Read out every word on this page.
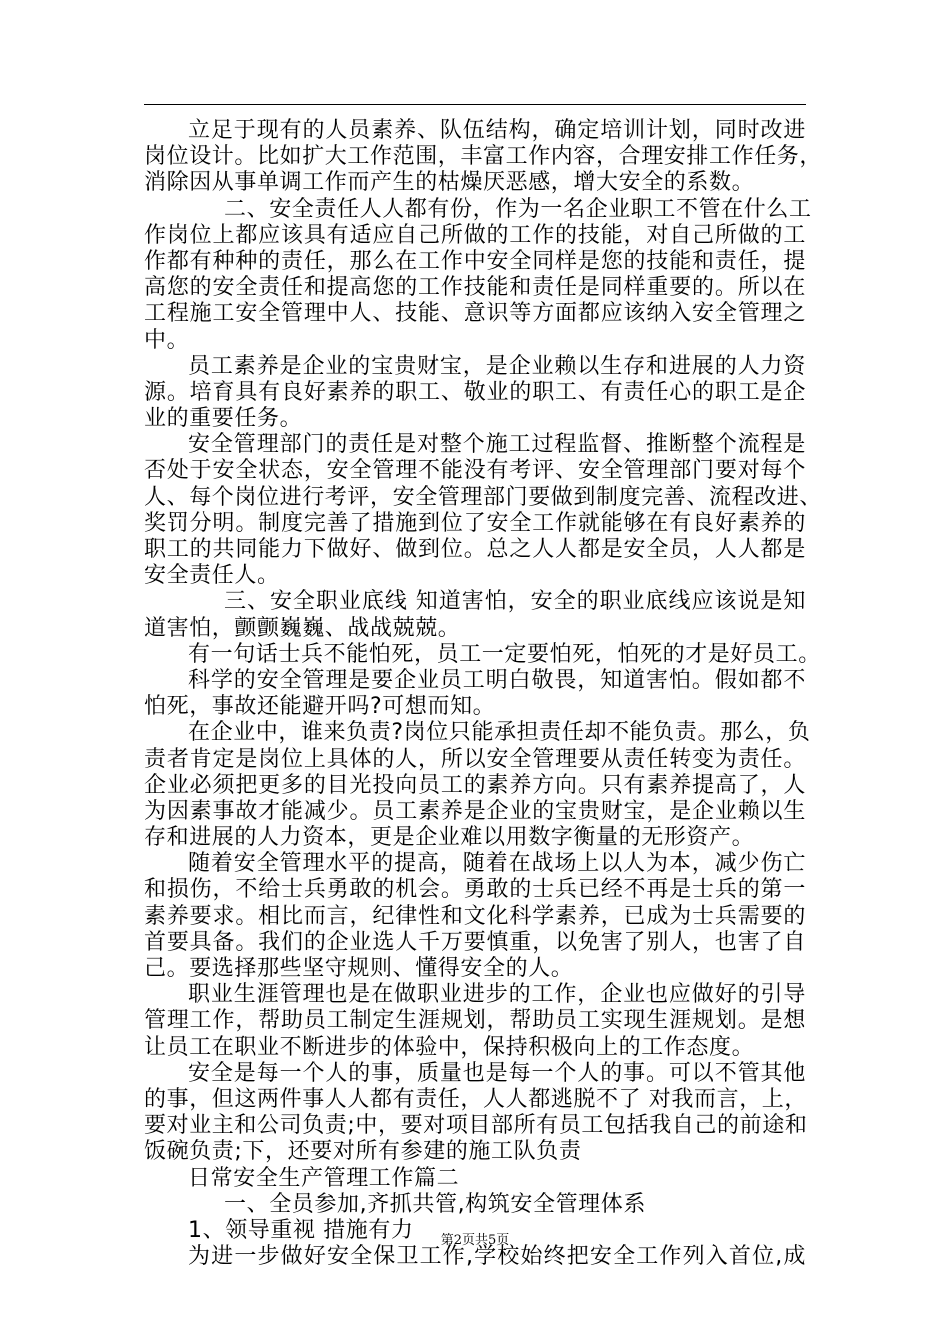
立足于现有的人员素养、队伍结构，确定培训计划，同时改进
岗位设计。比如扩大工作范围，丰富工作内容，合理安排工作任务，
消除因从事单调工作而产生的枯燥厌恶感，增大安全的系数。
二、安全责任人人都有份，作为一名企业职工不管在什么工
作岗位上都应该具有适应自己所做的工作的技能，对自己所做的工
作都有种种的责任，那么在工作中安全同样是您的技能和责任，提
高您的安全责任和提高您的工作技能和责任是同样重要的。所以在
工程施工安全管理中人、技能、意识等方面都应该纳入安全管理之
中。
员工素养是企业的宝贵财宝，是企业赖以生存和进展的人力资
源。培育具有良好素养的职工、敬业的职工、有责任心的职工是企
业的重要任务。
安全管理部门的责任是对整个施工过程监督、推断整个流程是
否处于安全状态，安全管理不能没有考评、安全管理部门要对每个
人、每个岗位进行考评，安全管理部门要做到制度完善、流程改进、
奖罚分明。制度完善了措施到位了安全工作就能够在有良好素养的
职工的共同能力下做好、做到位。总之人人都是安全员，人人都是
安全责任人。
三、安全职业底线 知道害怕，安全的职业底线应该说是知
道害怕，颤颤巍巍、战战兢兢。
有一句话士兵不能怕死，员工一定要怕死，怕死的才是好员工。
科学的安全管理是要企业员工明白敬畏，知道害怕。假如都不
怕死，事故还能避开吗?可想而知。
在企业中，谁来负责?岗位只能承担责任却不能负责。那么，负
责者肯定是岗位上具体的人，所以安全管理要从责任转变为责任。
企业必须把更多的目光投向员工的素养方向。只有素养提高了，人
为因素事故才能减少。员工素养是企业的宝贵财宝，是企业赖以生
存和进展的人力资本，更是企业难以用数字衡量的无形资产。
随着安全管理水平的提高，随着在战场上以人为本，减少伤亡
和损伤，不给士兵勇敢的机会。勇敢的士兵已经不再是士兵的第一
素养要求。相比而言，纪律性和文化科学素养，已成为士兵需要的
首要具备。我们的企业选人千万要慎重，以免害了别人，也害了自
己。要选择那些坚守规则、懂得安全的人。
职业生涯管理也是在做职业进步的工作，企业也应做好的引导
管理工作，帮助员工制定生涯规划，帮助员工实现生涯规划。是想
让员工在职业不断进步的体验中，保持积极向上的工作态度。
安全是每一个人的事，质量也是每一个人的事。可以不管其他
的事，但这两件事人人都有责任，人人都逃脱不了 对我而言，上，
要对业主和公司负责;中，要对项目部所有员工包括我自己的前途和
饭碗负责;下，还要对所有参建的施工队负责
日常安全生产管理工作篇二
一、全员参加,齐抓共管,构筑安全管理体系
1、领导重视 措施有力
为进一步做好安全保卫工作,学校始终把安全工作列入首位,成
第2页共5页
